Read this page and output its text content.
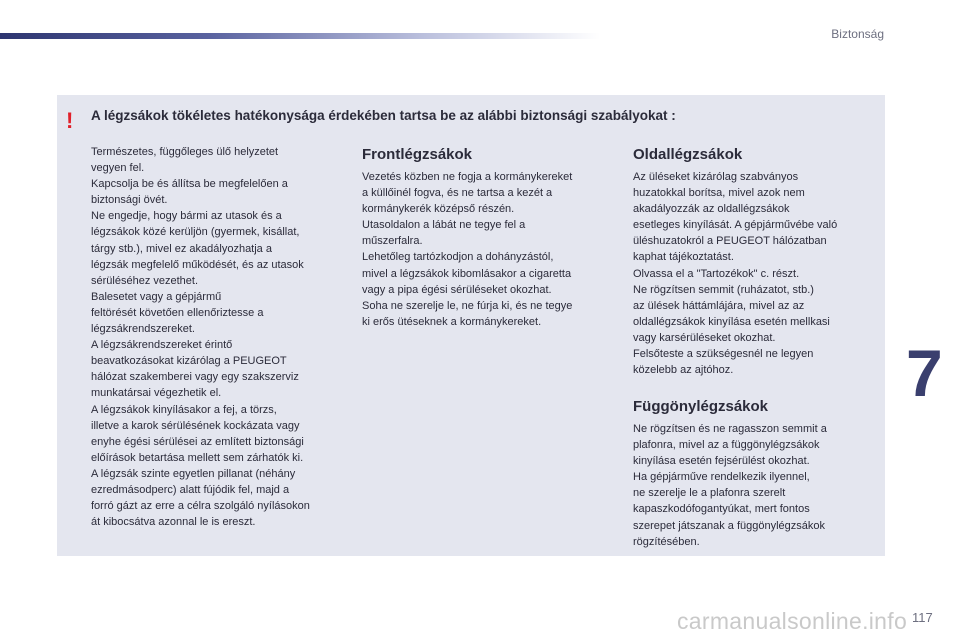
Biztonság
7
! A légzsákok tökéletes hatékonysága érdekében tartsa be az alábbi biztonsági szabályokat :

Természetes, függőleges ülő helyzetet

vegyen fel.

Kapcsolja be és állítsa be megfelelően a

biztonsági övét.

Ne engedje, hogy bármi az utasok és a

légzsákok közé kerüljön (gyermek, kisállat,

tárgy stb.), mivel ez akadályozhatja a

légzsák megfelelő működését, és az utasok

sérüléséhez vezethet.

Balesetet vagy a gépjármű

feltörését követően ellenőriztesse a

légzsákrendszereket.

A légzsákrendszereket érintő

beavatkozásokat kizárólag a PEUGEOT

hálózat szakemberei vagy egy szakszerviz

munkatársai végezhetik el.

A légzsákok kinyílásakor a fej, a törzs,

illetve a karok sérülésének kockázata vagy

enyhe égési sérülései az említett biztonsági

előírások betartása mellett sem zárhatók ki.

A légzsák szinte egyetlen pillanat (néhány

ezredmásodperc) alatt fújódik fel, majd a

forró gázt az erre a célra szolgáló nyílásokon

át kibocsátva azonnal le is ereszt.

Frontlégzsákok

Vezetés közben ne fogja a kormánykereket

a küllőinél fogva, és ne tartsa a kezét a

kormánykerék középső részén.

Utasoldalon a lábát ne tegye fel a

műszerfalra.

Lehetőleg tartózkodjon a dohányzástól,

mivel a légzsákok kibomlásakor a cigaretta

vagy a pipa égési sérüléseket okozhat.

Soha ne szerelje le, ne fúrja ki, és ne tegye

ki erős ütéseknek a kormánykereket.

Oldallégzsákok

Az üléseket kizárólag szabványos

huzatokkal borítsa, mivel azok nem

akadályozzák az oldallégzsákok

esetleges kinyílását. A gépjárművébe való

üléshuzatokról a PEUGEOT hálózatban

kaphat tájékoztatást.

Olvassa el a "Tartozékok" c. részt.

Ne rögzítsen semmit (ruházatot, stb.)

az ülések háttámlájára, mivel az az

oldallégzsákok kinyílása esetén mellkasi

vagy karsérüléseket okozhat.

Felsőteste a szükségesnél ne legyen

közelebb az ajtóhoz.

Függönylégzsákok

Ne rögzítsen és ne ragasszon semmit a

plafonra, mivel az a függönylégzsákok

kinyílása esetén fejsérülést okozhat.

Ha gépjárműve rendelkezik ilyennel,

ne szerelje le a plafonra szerelt

kapaszkodófogantyúkat, mert fontos

szerepet játszanak a függönylégzsákok

rögzítésében.

carmanualsonline.info 117
